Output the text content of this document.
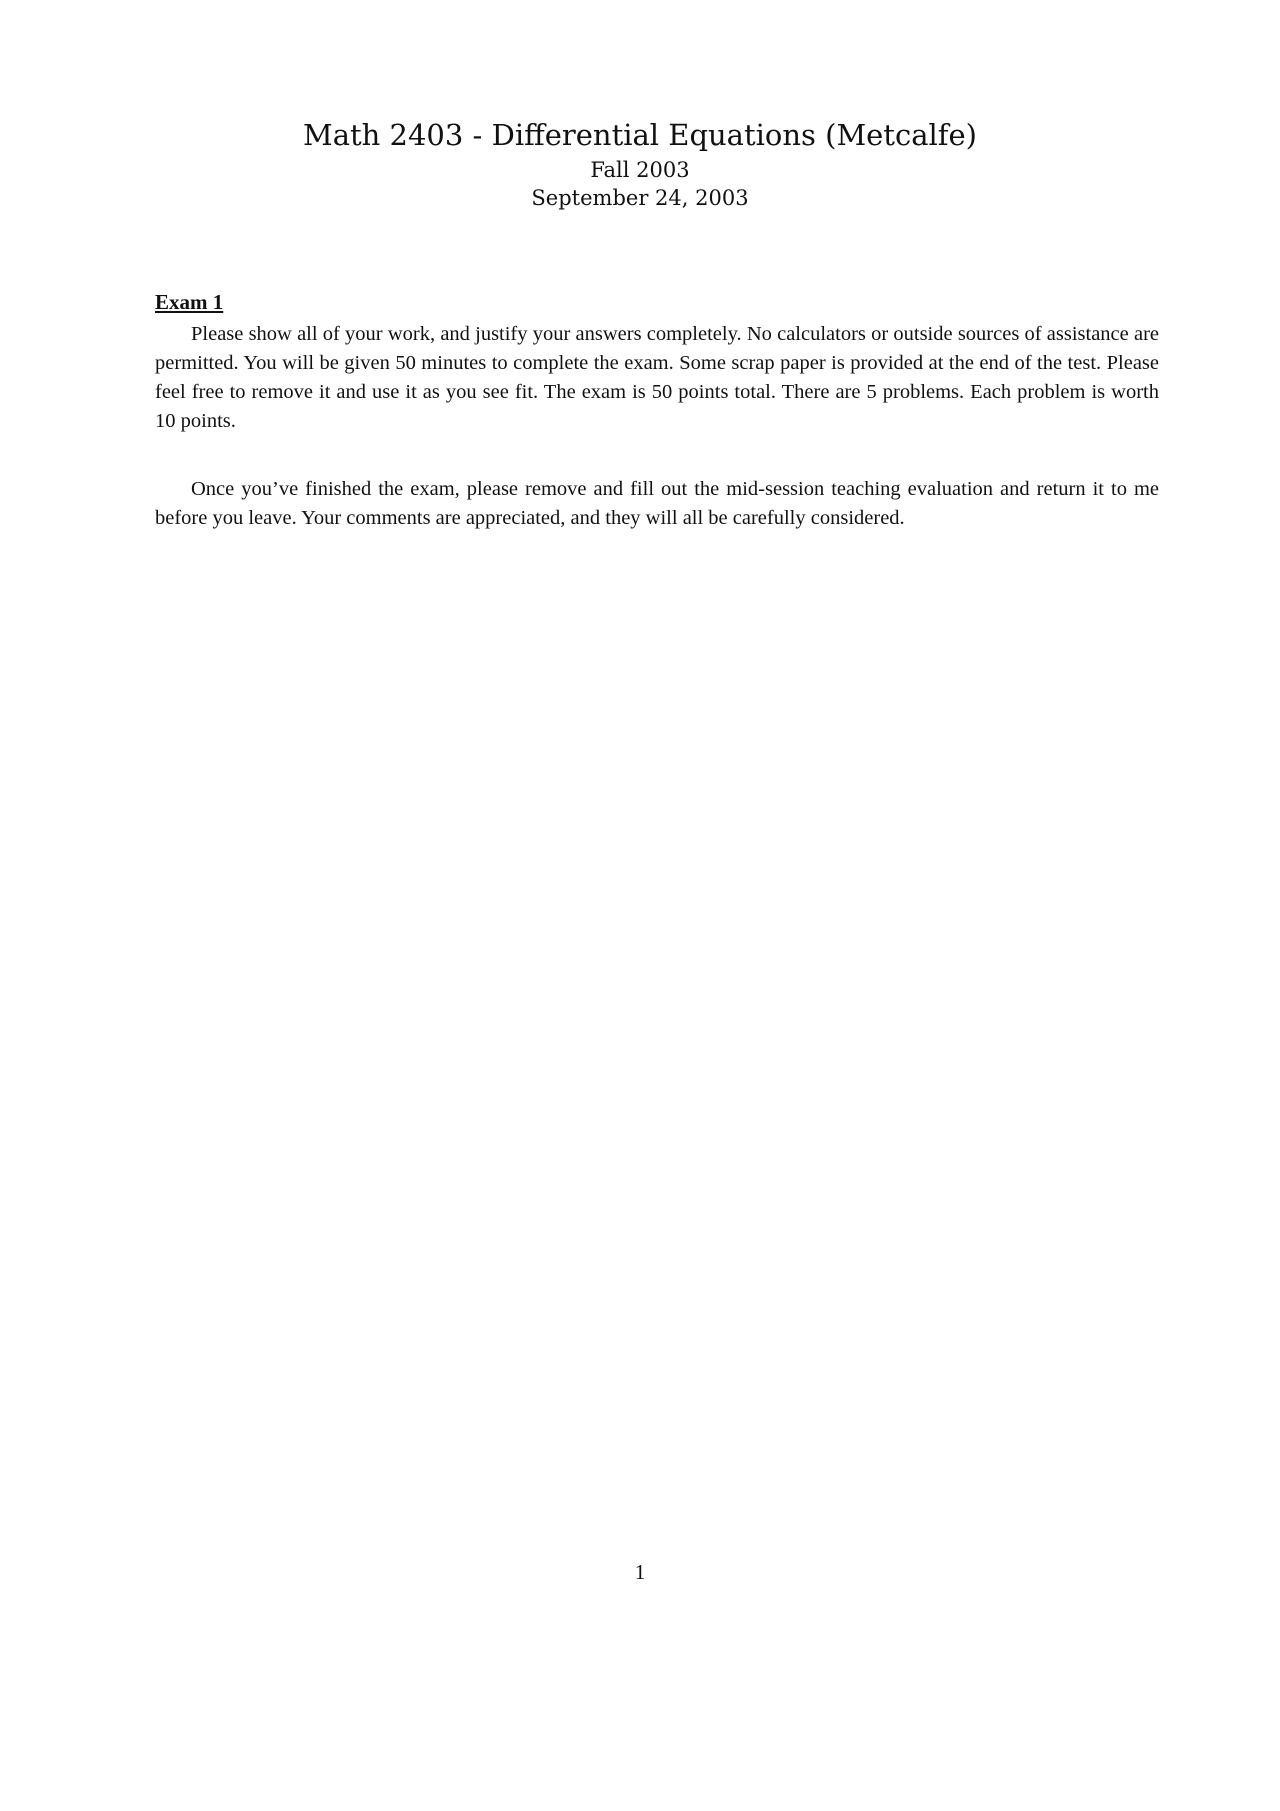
Math 2403 - Differential Equations (Metcalfe)
Fall 2003
September 24, 2003
Exam 1

Please show all of your work, and justify your answers completely. No calculators or outside sources of assistance are permitted. You will be given 50 minutes to complete the exam. Some scrap paper is provided at the end of the test. Please feel free to remove it and use it as you see fit. The exam is 50 points total. There are 5 problems. Each problem is worth 10 points.

Once you’ve finished the exam, please remove and fill out the mid-session teaching evaluation and return it to me before you leave. Your comments are appreciated, and they will all be carefully considered.

1
